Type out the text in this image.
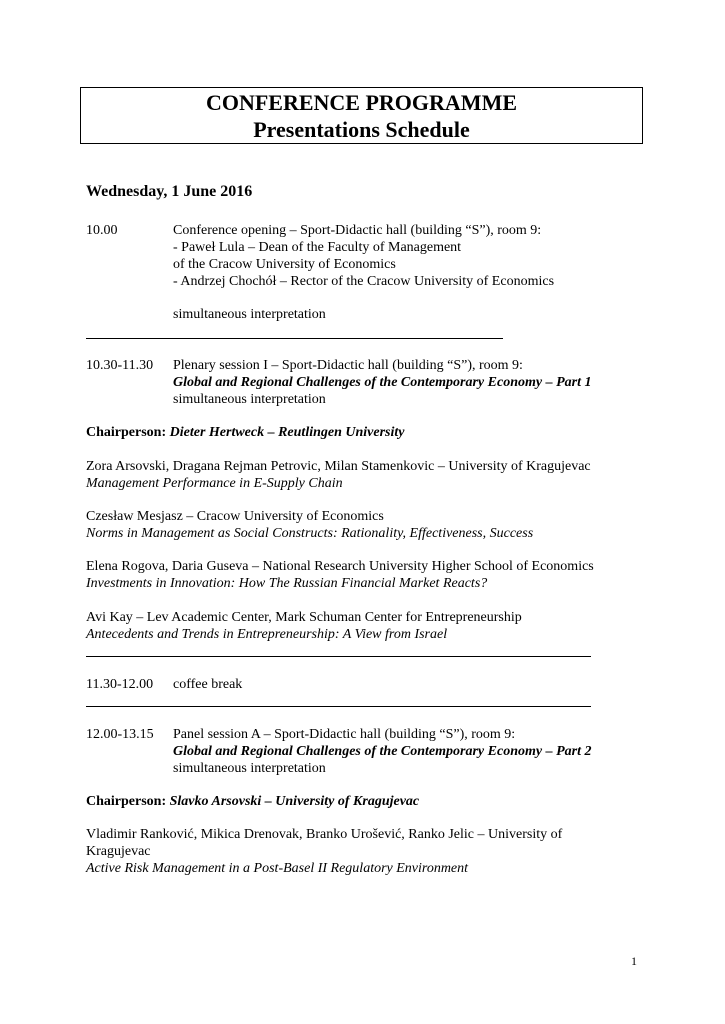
CONFERENCE PROGRAMME
Presentations Schedule
Wednesday, 1 June 2016
10.00	Conference opening – Sport-Didactic hall (building “S”), room 9:
- Paweł Lula – Dean of the Faculty of Management
of the Cracow University of Economics
- Andrzej Chochół – Rector of the Cracow University of Economics
simultaneous interpretation
10.30-11.30 Plenary session I – Sport-Didactic hall (building “S”), room 9:
Global and Regional Challenges of the Contemporary Economy – Part 1
simultaneous interpretation
Chairperson: Dieter Hertweck – Reutlingen University
Zora Arsovski, Dragana Rejman Petrovic, Milan Stamenkovic – University of Kragujevac
Management Performance in E-Supply Chain
Czesław Mesjasz – Cracow University of Economics
Norms in Management as Social Constructs: Rationality, Effectiveness, Success
Elena Rogova, Daria Guseva – National Research University Higher School of Economics
Investments in Innovation: How The Russian Financial Market Reacts?
Avi Kay – Lev Academic Center, Mark Schuman Center for Entrepreneurship
Antecedents and Trends in Entrepreneurship: A View from Israel
11.30-12.00 coffee break
12.00-13.15 Panel session A – Sport-Didactic hall (building “S”), room 9:
Global and Regional Challenges of the Contemporary Economy – Part 2
simultaneous interpretation
Chairperson: Slavko Arsovski – University of Kragujevac
Vladimir Ranković, Mikica Drenovak, Branko Urošević, Ranko Jelic – University of
Kragujevac
Active Risk Management in a Post-Basel II Regulatory Environment
1
